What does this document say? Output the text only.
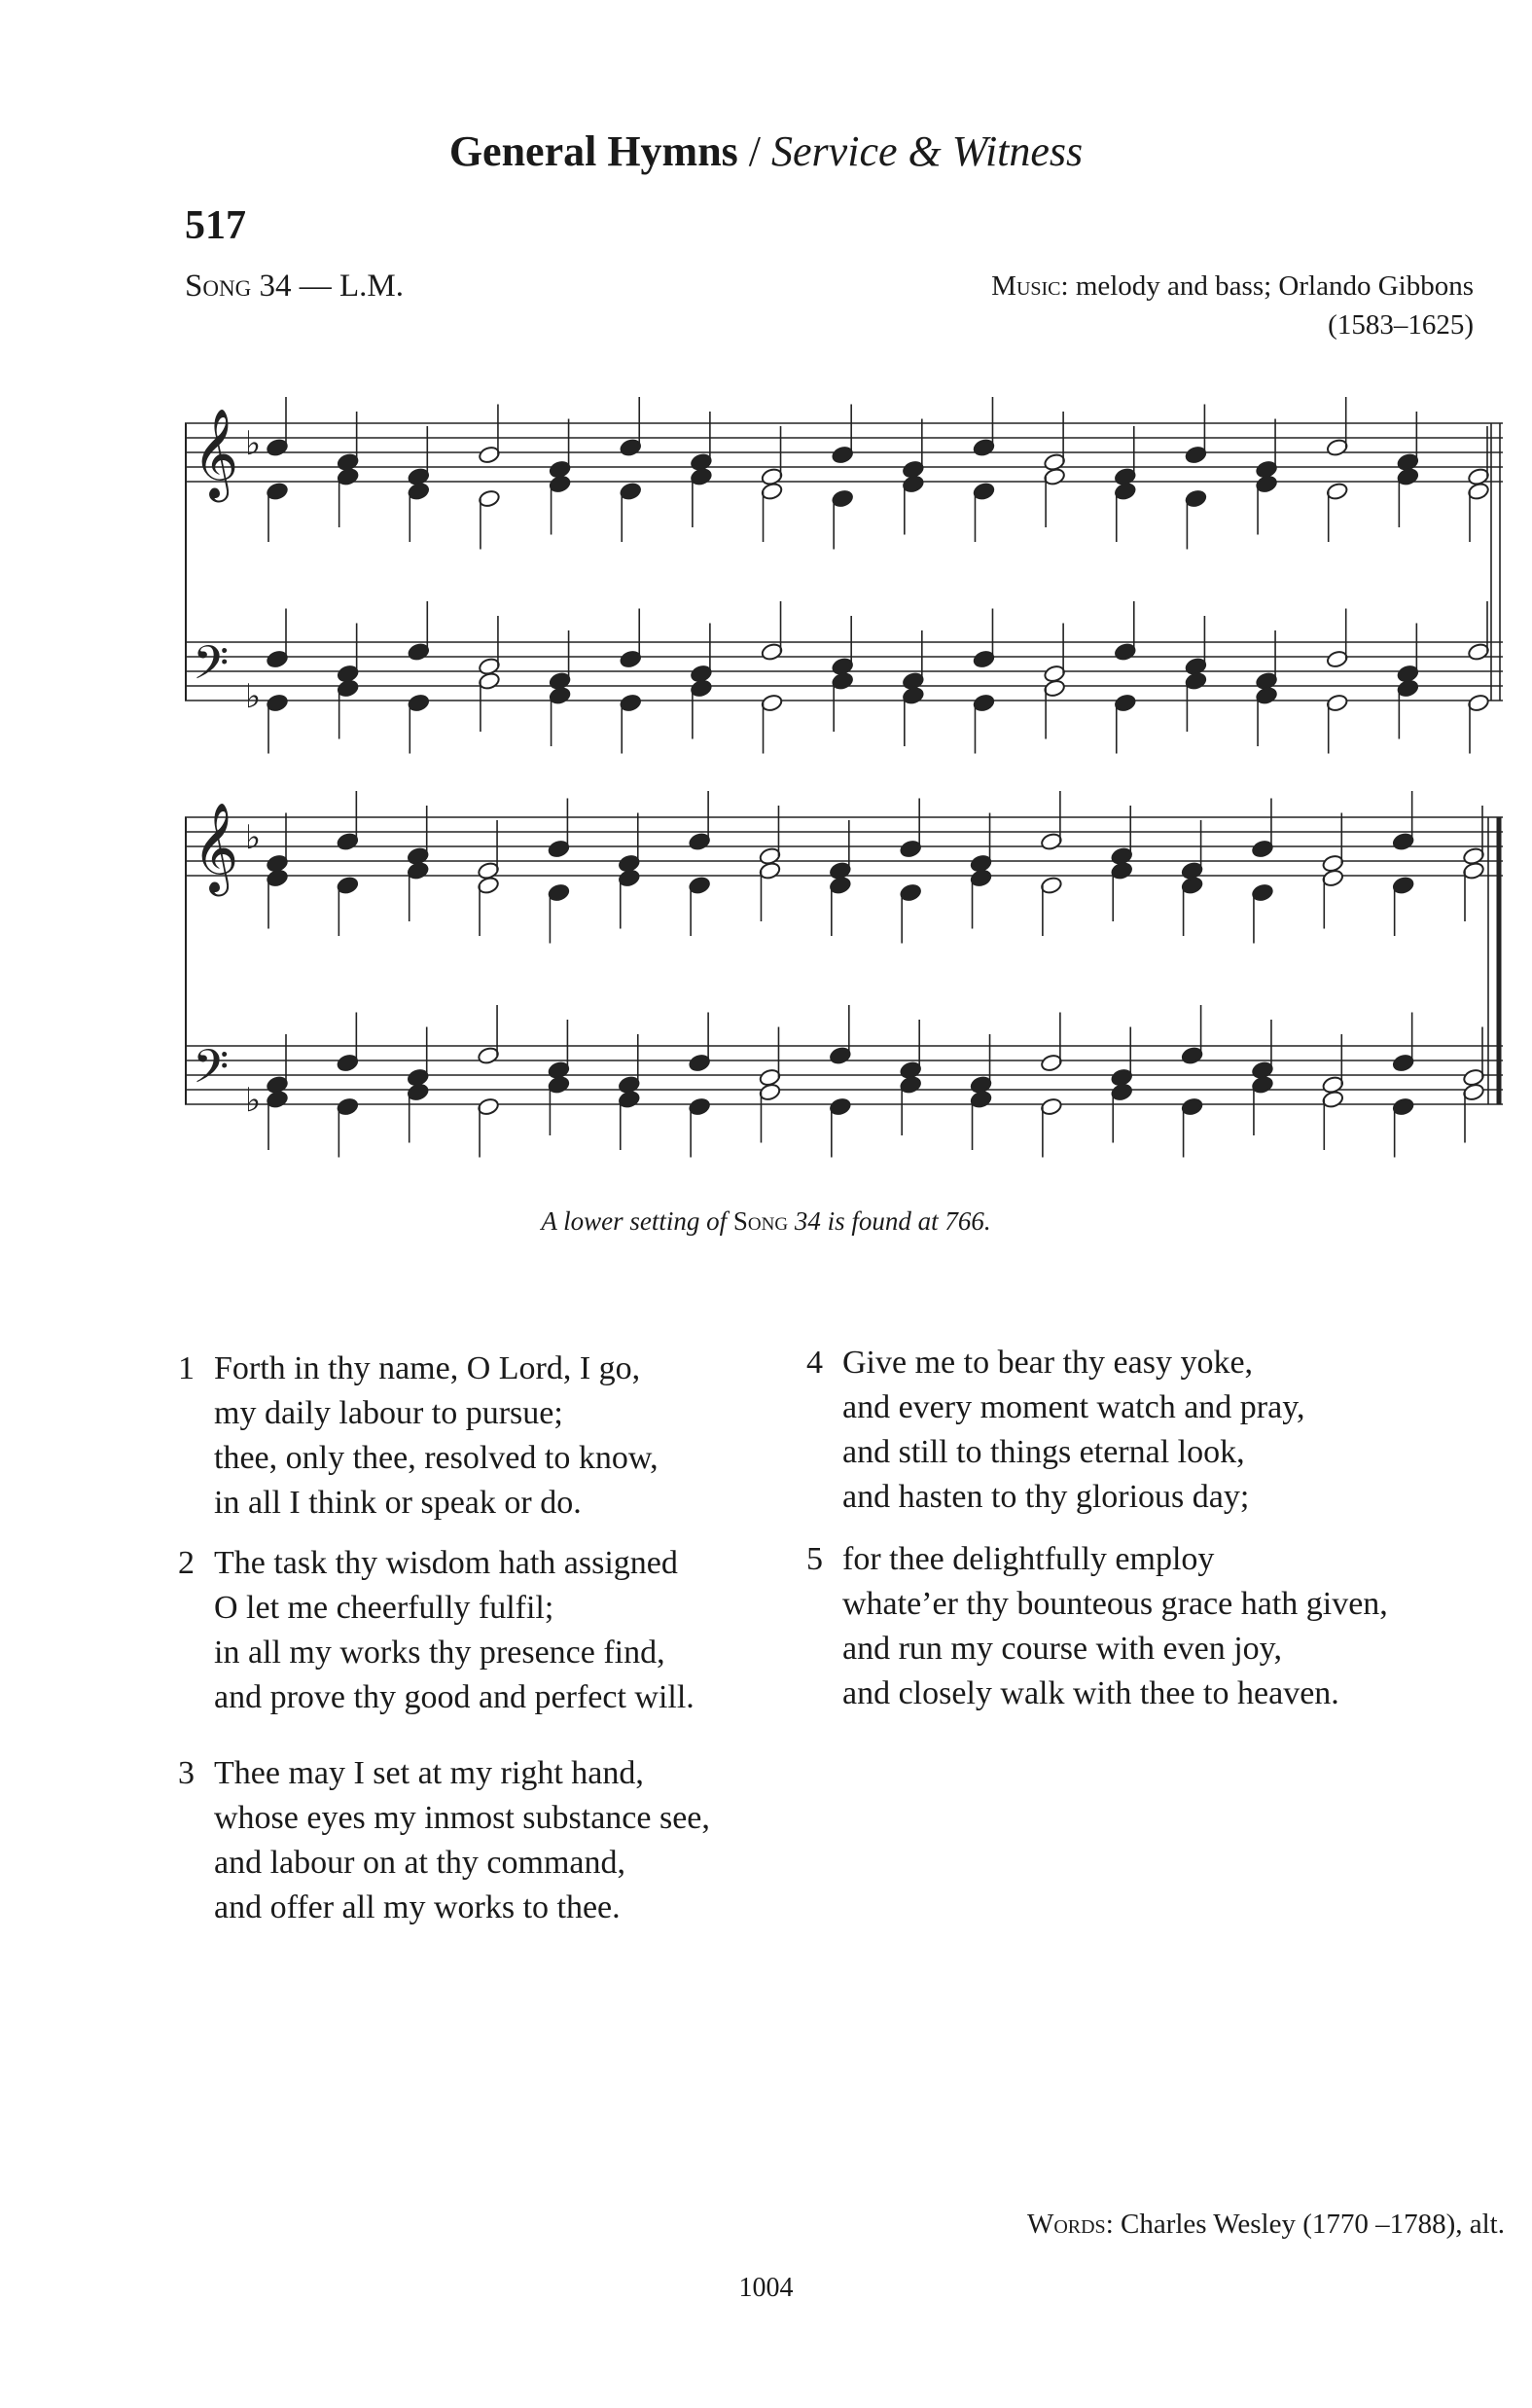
General Hymns / Service & Witness
517
Song 34 — L.M.	Music: melody and bass; Orlando Gibbons
(1583–1625)
𝄞
𝄞
𝄢
𝄢
♭
♭
♭
♭
A lower setting of Song 34 is found at 766.
1 Forth in thy name, O Lord, I go,
my daily labour to pursue;
thee, only thee, resolved to know,
in all I think or speak or do.
2 The task thy wisdom hath assigned
O let me cheerfully fulfil;
in all my works thy presence find,
and prove thy good and perfect will.
3 Thee may I set at my right hand,
whose eyes my inmost substance see,
and labour on at thy command,
and offer all my works to thee.
4 Give me to bear thy easy yoke,
and every moment watch and pray,
and still to things eternal look,
and hasten to thy glorious day;
5 for thee delightfully employ
whate’er thy bounteous grace hath given,
and run my course with even joy,
and closely walk with thee to heaven.
Words: Charles Wesley (1770 –1788), alt.
1004
